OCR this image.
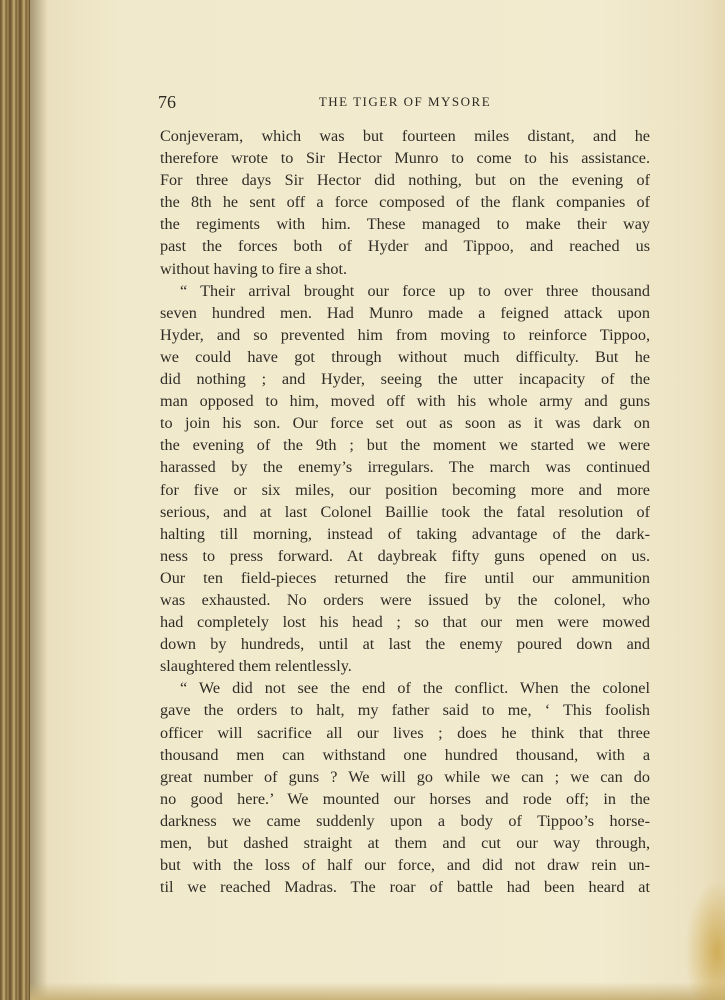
76	THE TIGER OF MYSORE
Conjeveram, which was but fourteen miles distant, and he
therefore wrote to Sir Hector Munro to come to his assistance.
For three days Sir Hector did nothing, but on the evening of
the 8th he sent off a force composed of the flank companies of
the regiments with him. These managed to make their way
past the forces both of Hyder and Tippoo, and reached us
without having to fire a shot.
“ Their arrival brought our force up to over three thousand
seven hundred men. Had Munro made a feigned attack upon
Hyder, and so prevented him from moving to reinforce Tippoo,
we could have got through without much difficulty. But he
did nothing ; and Hyder, seeing the utter incapacity of the
man opposed to him, moved off with his whole army and guns
to join his son. Our force set out as soon as it was dark on
the evening of the 9th ; but the moment we started we were
harassed by the enemy’s irregulars. The march was continued
for five or six miles, our position becoming more and more
serious, and at last Colonel Baillie took the fatal resolution of
halting till morning, instead of taking advantage of the dark-
ness to press forward. At daybreak fifty guns opened on us.
Our ten field-pieces returned the fire until our ammunition
was exhausted. No orders were issued by the colonel, who
had completely lost his head ; so that our men were mowed
down by hundreds, until at last the enemy poured down and
slaughtered them relentlessly.
“ We did not see the end of the conflict. When the colonel
gave the orders to halt, my father said to me, ‘ This foolish
officer will sacrifice all our lives ; does he think that three
thousand men can withstand one hundred thousand, with a
great number of guns ? We will go while we can ; we can do
no good here.’ We mounted our horses and rode off; in the
darkness we came suddenly upon a body of Tippoo’s horse-
men, but dashed straight at them and cut our way through,
but with the loss of half our force, and did not draw rein un-
til we reached Madras. The roar of battle had been heard at
